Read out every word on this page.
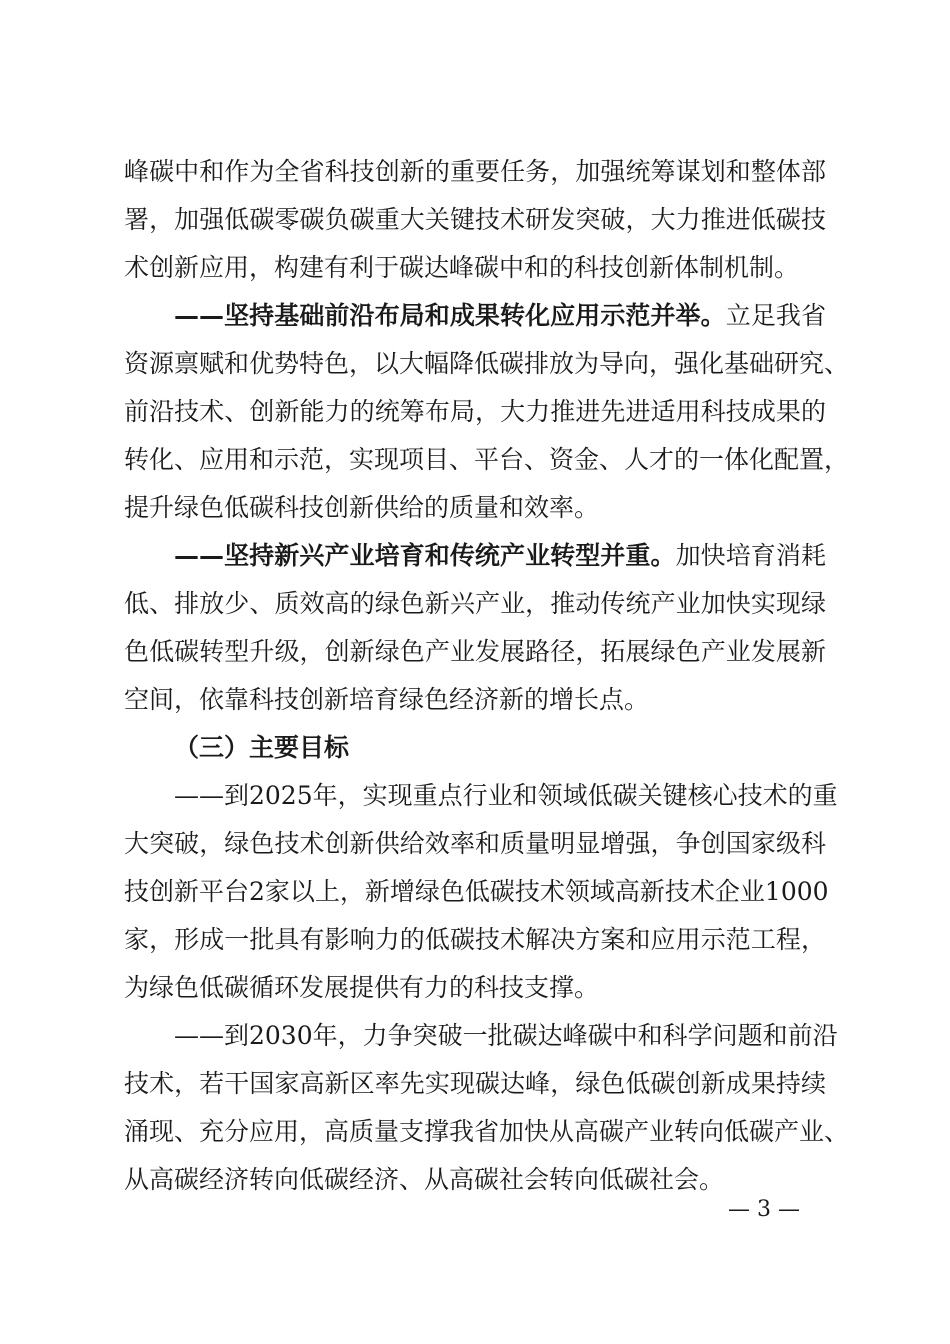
峰碳中和作为全省科技创新的重要任务，加强统筹谋划和整体部
署，加强低碳零碳负碳重大关键技术研发突破，大力推进低碳技
术创新应用，构建有利于碳达峰碳中和的科技创新体制机制。
——坚持基础前沿布局和成果转化应用示范并举。立足我省
资源禀赋和优势特色，以大幅降低碳排放为导向，强化基础研究、
前沿技术、创新能力的统筹布局，大力推进先进适用科技成果的
转化、应用和示范，实现项目、平台、资金、人才的一体化配置，
提升绿色低碳科技创新供给的质量和效率。
——坚持新兴产业培育和传统产业转型并重。加快培育消耗
低、排放少、质效高的绿色新兴产业，推动传统产业加快实现绿
色低碳转型升级，创新绿色产业发展路径，拓展绿色产业发展新
空间，依靠科技创新培育绿色经济新的增长点。
（三）主要目标
——到2025年，实现重点行业和领域低碳关键核心技术的重
大突破，绿色技术创新供给效率和质量明显增强，争创国家级科
技创新平台2家以上，新增绿色低碳技术领域高新技术企业1000
家，形成一批具有影响力的低碳技术解决方案和应用示范工程，
为绿色低碳循环发展提供有力的科技支撑。
——到2030年，力争突破一批碳达峰碳中和科学问题和前沿
技术，若干国家高新区率先实现碳达峰，绿色低碳创新成果持续
涌现、充分应用，高质量支撑我省加快从高碳产业转向低碳产业、
从高碳经济转向低碳经济、从高碳社会转向低碳社会。
— 3 —
